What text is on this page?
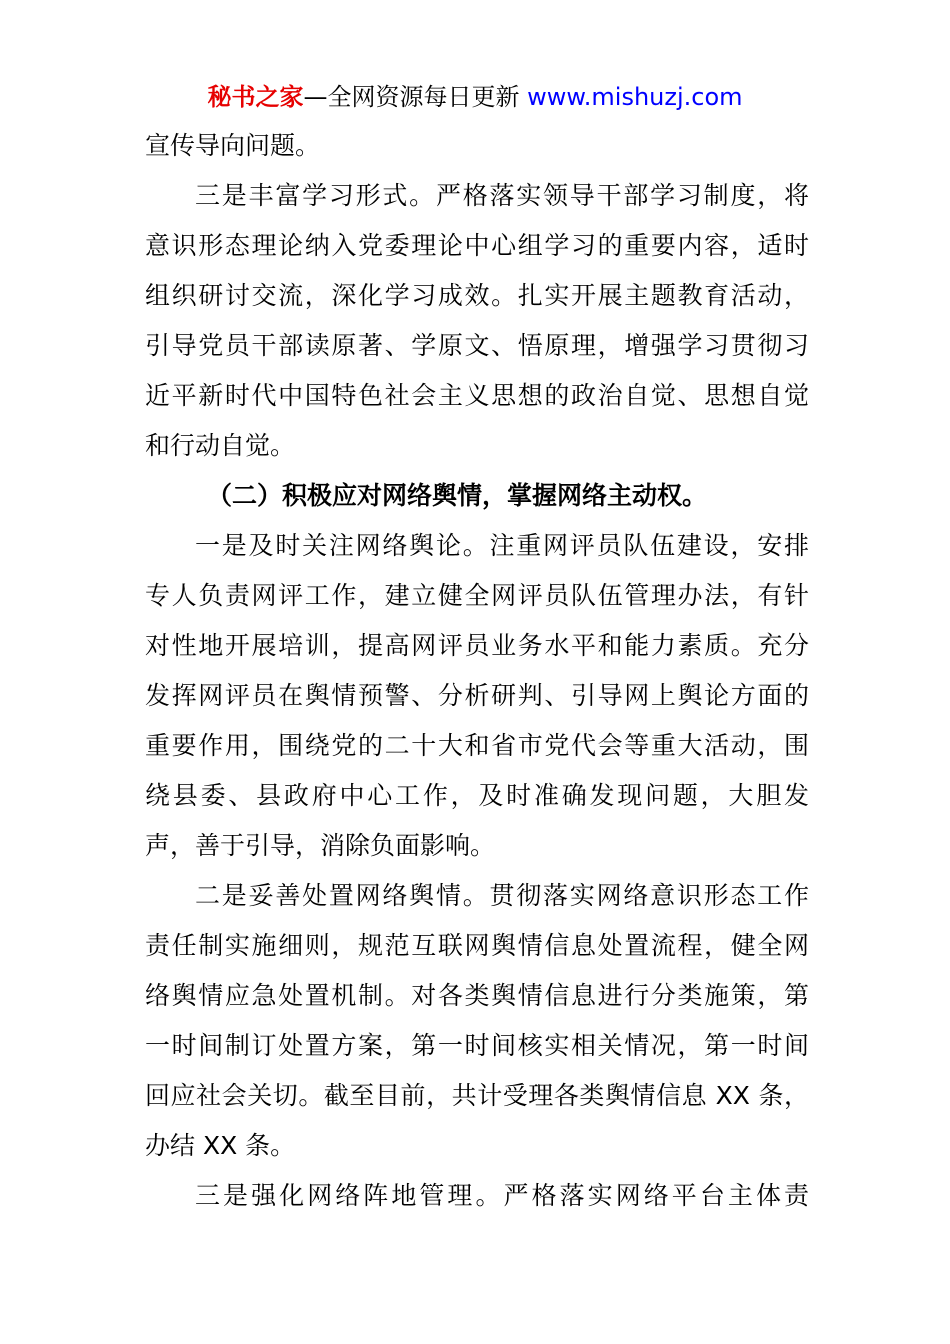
秘书之家—全网资源每日更新 www.mishuzj.com
宣传导向问题。
三是丰富学习形式。严格落实领导干部学习制度，将
意识形态理论纳入党委理论中心组学习的重要内容，适时
组织研讨交流，深化学习成效。扎实开展主题教育活动，
引导党员干部读原著、学原文、悟原理，增强学习贯彻习
近平新时代中国特色社会主义思想的政治自觉、思想自觉
和行动自觉。
（二）积极应对网络舆情，掌握网络主动权。
一是及时关注网络舆论。注重网评员队伍建设，安排
专人负责网评工作，建立健全网评员队伍管理办法，有针
对性地开展培训，提高网评员业务水平和能力素质。充分
发挥网评员在舆情预警、分析研判、引导网上舆论方面的
重要作用，围绕党的二十大和省市党代会等重大活动，围
绕县委、县政府中心工作，及时准确发现问题，大胆发
声，善于引导，消除负面影响。
二是妥善处置网络舆情。贯彻落实网络意识形态工作
责任制实施细则，规范互联网舆情信息处置流程，健全网
络舆情应急处置机制。对各类舆情信息进行分类施策，第
一时间制订处置方案，第一时间核实相关情况，第一时间
回应社会关切。截至目前，共计受理各类舆情信息 XX 条，
办结 XX 条。
三是强化网络阵地管理。严格落实网络平台主体责
